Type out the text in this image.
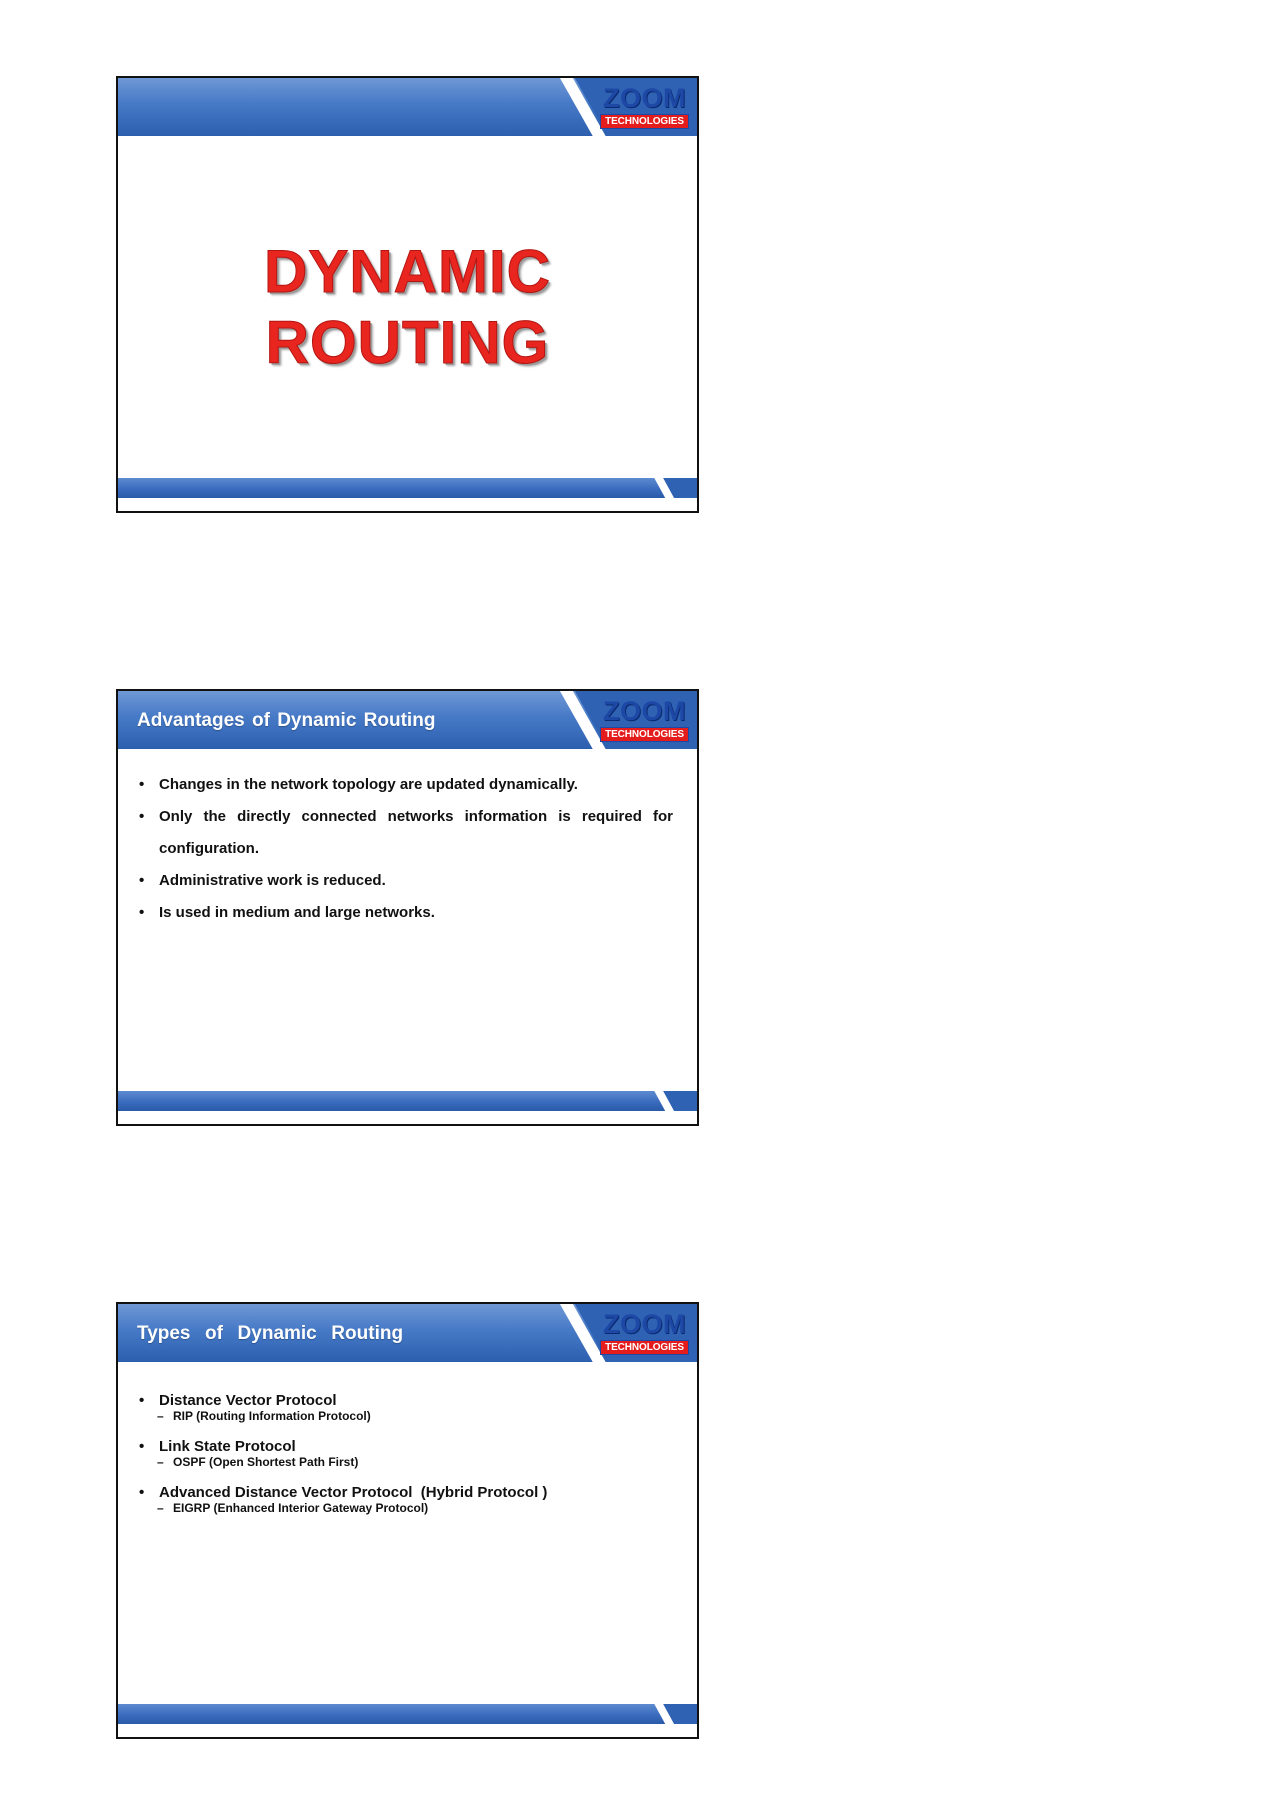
ZOOM
TECHNOLOGIES
DYNAMIC
ROUTING
Advantages of Dynamic Routing	ZOOM
TECHNOLOGIES
• Changes in the network topology are updated dynamically.
• Only the directly connected networks information is required for configuration.
• Administrative work is reduced.
• Is used in medium and large networks.
Types  of  Dynamic  Routing	ZOOM
TECHNOLOGIES
• Distance Vector Protocol
– RIP (Routing Information Protocol)
• Link State Protocol
– OSPF (Open Shortest Path First)
• Advanced Distance Vector Protocol  (Hybrid Protocol )
– EIGRP (Enhanced Interior Gateway Protocol)
